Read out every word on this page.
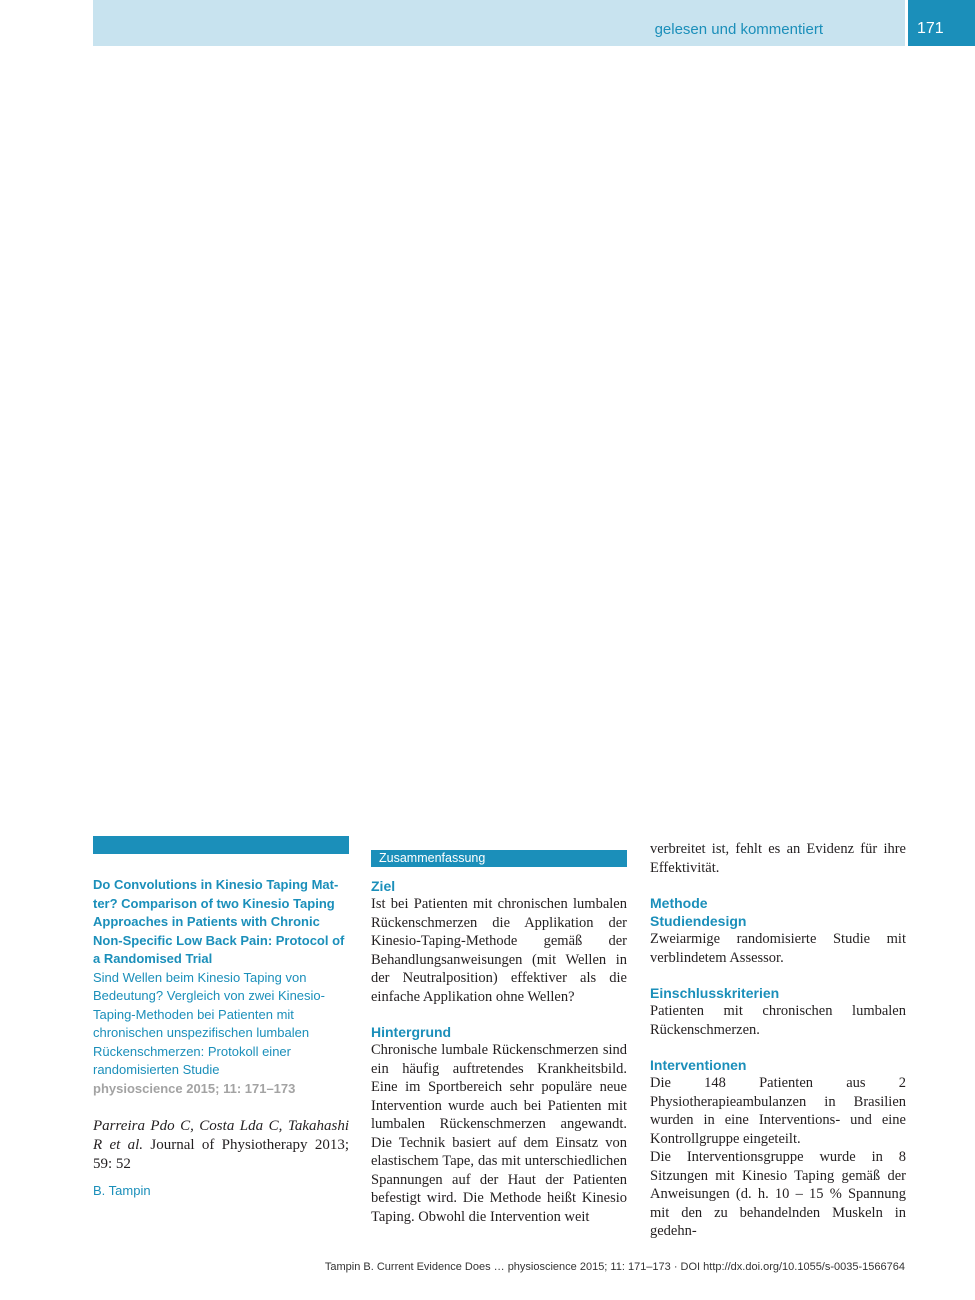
gelesen und kommentiert	171
Do Convolutions in Kinesio Taping Mat-ter? Comparison of two Kinesio Taping Approaches in Patients with Chronic Non-Specific Low Back Pain: Protocol of a Randomised Trial
Sind Wellen beim Kinesio Taping von Bedeutung? Vergleich von zwei Kinesio-Taping-Methoden bei Patienten mit chronischen unspezifischen lumbalen Rückenschmerzen: Protokoll einer randomisierten Studie
physioscience 2015; 11: 171–173
Parreira Pdo C, Costa Lda C, Takahashi R et al. Journal of Physiotherapy 2013; 59: 52
B. Tampin
Zusammenfassung
Ziel

Ist bei Patienten mit chronischen lumbalen Rückenschmerzen die Applikation der Kinesio-Taping-Methode gemäß der Behandlungsanweisungen (mit Wellen in der Neutralposition) effektiver als die einfache Applikation ohne Wellen?

Hintergrund

Chronische lumbale Rückenschmerzen sind ein häufig auftretendes Krankheitsbild. Eine im Sportbereich sehr populäre neue Intervention wurde auch bei Patienten mit lumbalen Rückenschmerzen angewandt. Die Technik basiert auf dem Einsatz von elastischem Tape, das mit unterschiedlichen Spannungen auf der Haut der Patienten befestigt wird. Die Methode heißt Kinesio Taping. Obwohl die Intervention weit

verbreitet ist, fehlt es an Evidenz für ihre Effektivität.

Methode
Studiendesign

Zweiarmige randomisierte Studie mit verblindetem Assessor.

Einschlusskriterien

Patienten mit chronischen lumbalen Rückenschmerzen.

Interventionen

Die 148 Patienten aus 2 Physiotherapieambulanzen in Brasilien wurden in eine Interventions- und eine Kontrollgruppe eingeteilt.

Die Interventionsgruppe wurde in 8 Sitzungen mit Kinesio Taping gemäß der Anweisungen (d. h. 10 – 15 % Spannung mit den zu behandelnden Muskeln in gedehn-

Tampin B. Current Evidence Does … physioscience 2015; 11: 171–173 · DOI http://dx.doi.org/10.1055/s-0035-1566764
